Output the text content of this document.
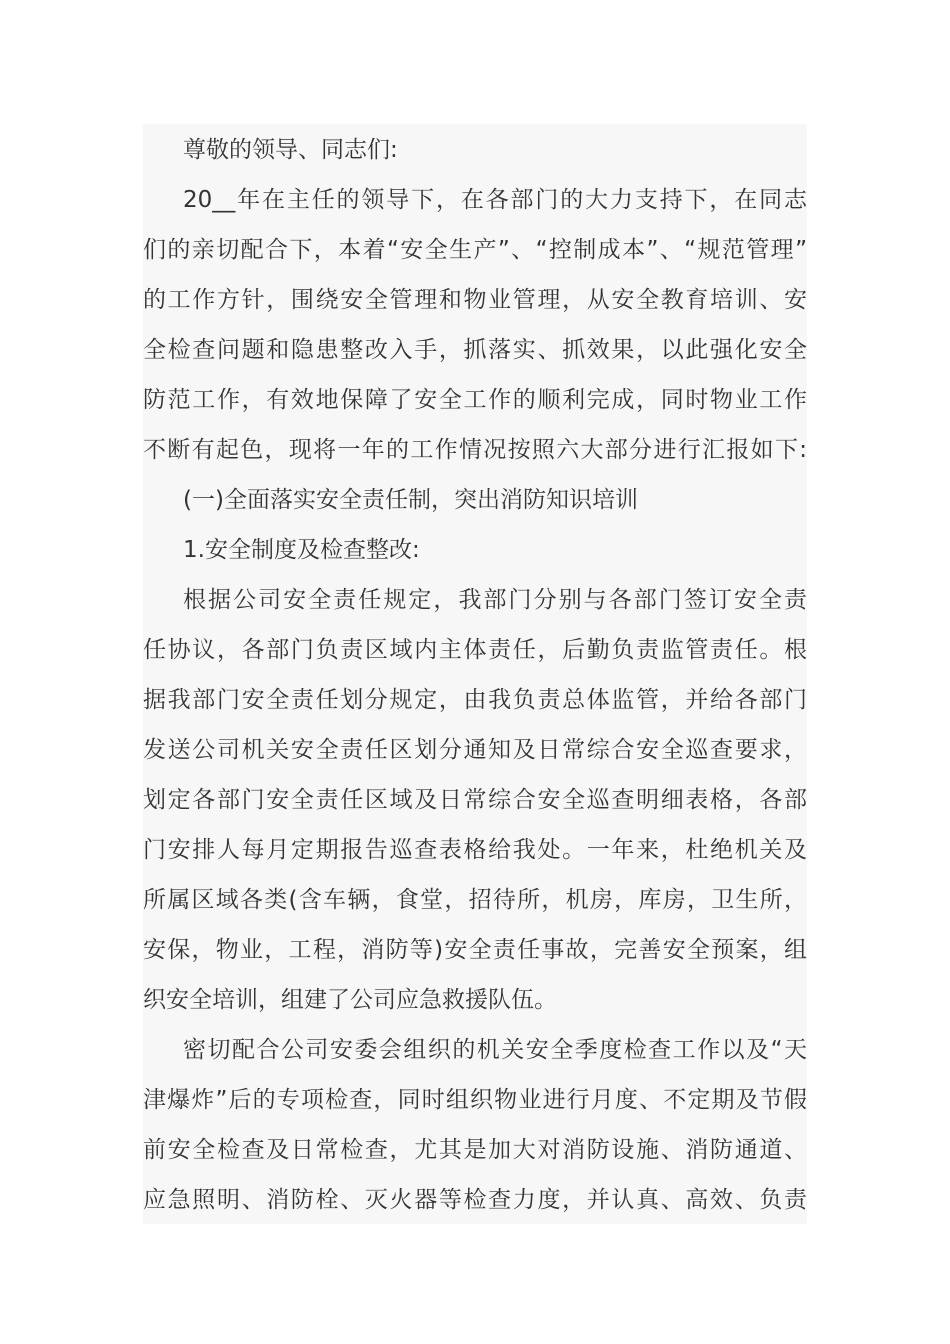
尊敬的领导、同志们:
20__年在主任的领导下，在各部门的大力支持下，在同志
们的亲切配合下，本着“安全生产”、“控制成本”、“规范管理”
的工作方针，围绕安全管理和物业管理，从安全教育培训、安
全检查问题和隐患整改入手，抓落实、抓效果，以此强化安全
防范工作，有效地保障了安全工作的顺利完成，同时物业工作
不断有起色，现将一年的工作情况按照六大部分进行汇报如下:
(一)全面落实安全责任制，突出消防知识培训
1.安全制度及检查整改:
根据公司安全责任规定，我部门分别与各部门签订安全责
任协议，各部门负责区域内主体责任，后勤负责监管责任。根
据我部门安全责任划分规定，由我负责总体监管，并给各部门
发送公司机关安全责任区划分通知及日常综合安全巡查要求，
划定各部门安全责任区域及日常综合安全巡查明细表格，各部
门安排人每月定期报告巡查表格给我处。一年来，杜绝机关及
所属区域各类(含车辆，食堂，招待所，机房，库房，卫生所，
安保，物业，工程，消防等)安全责任事故，完善安全预案，组
织安全培训，组建了公司应急救援队伍。
密切配合公司安委会组织的机关安全季度检查工作以及“天
津爆炸”后的专项检查，同时组织物业进行月度、不定期及节假
前安全检查及日常检查，尤其是加大对消防设施、消防通道、
应急照明、消防栓、灭火器等检查力度，并认真、高效、负责
